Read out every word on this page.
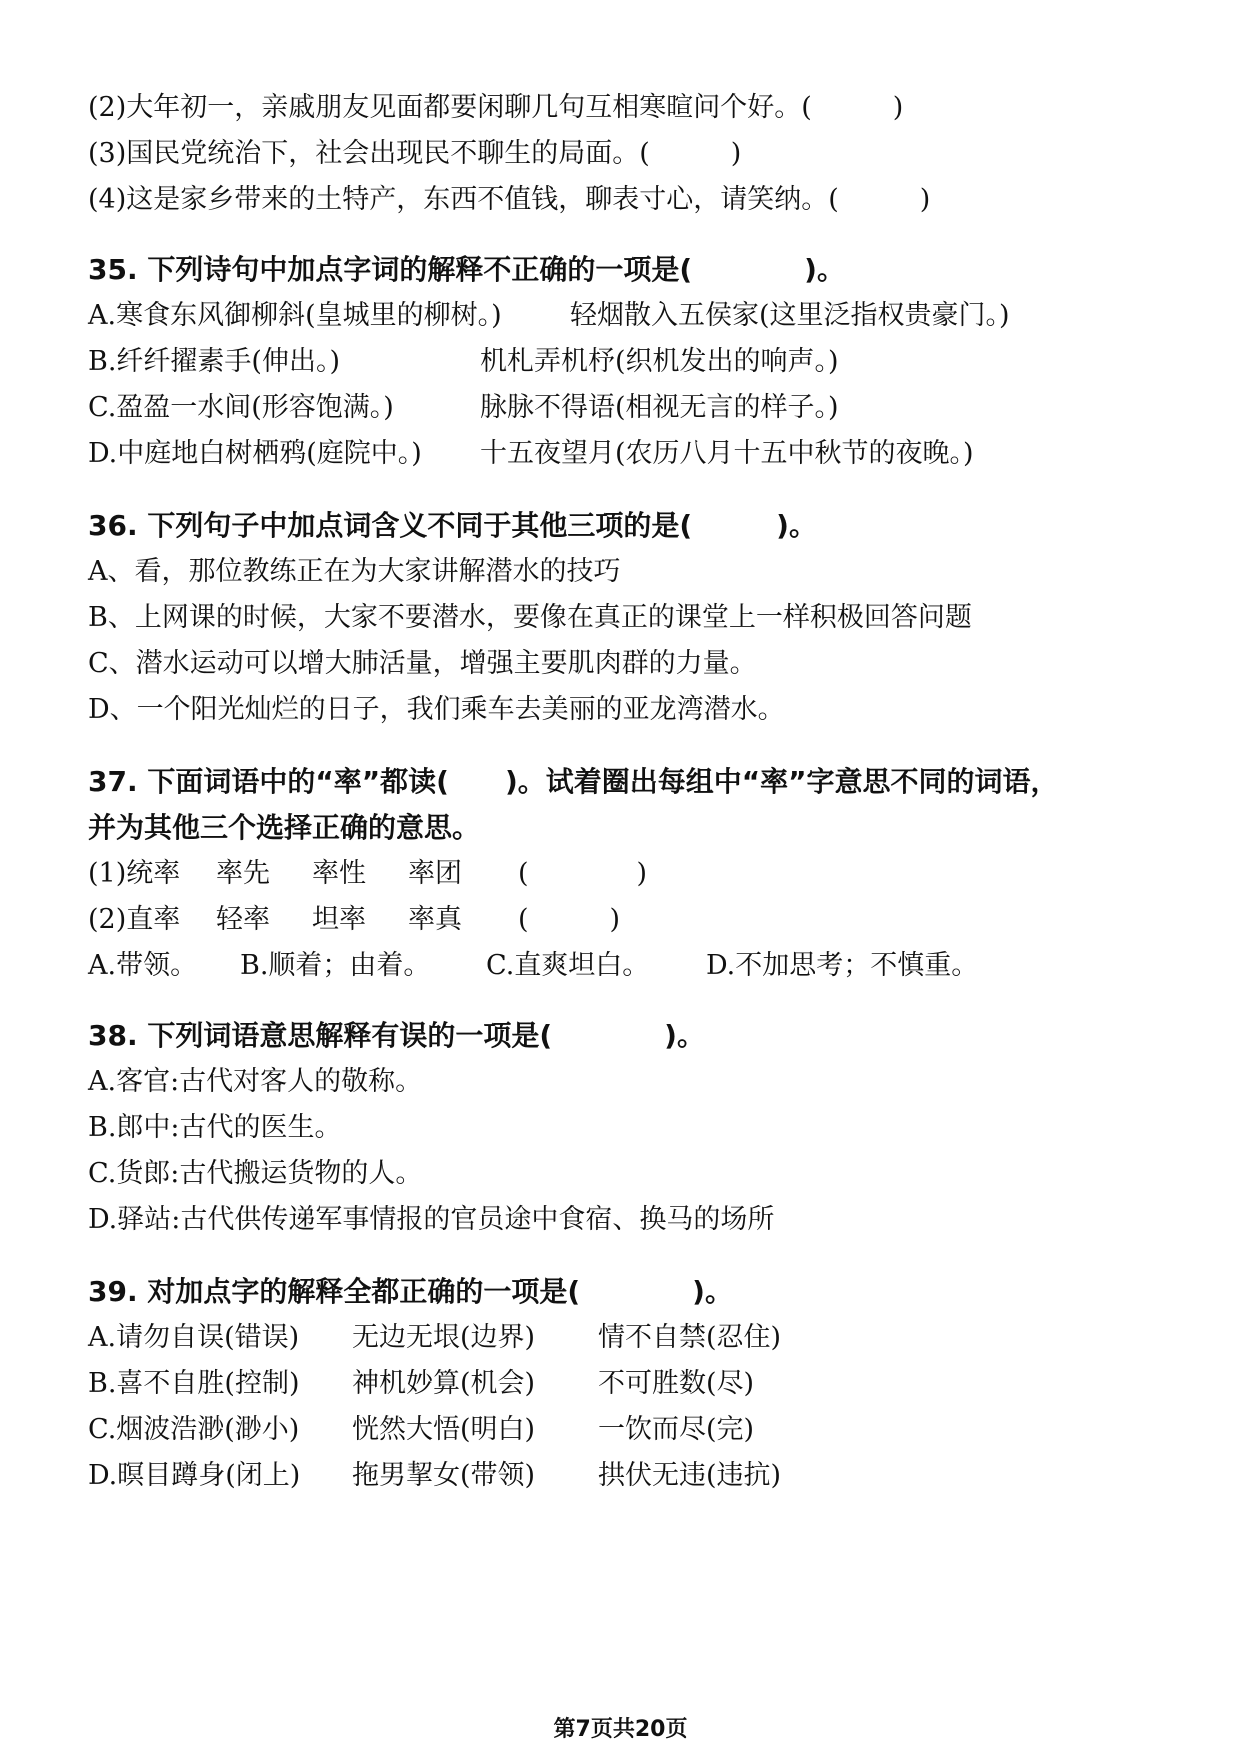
(2)大年初一，亲戚朋友见面都要闲聊几句互相寒暄问个好。(　　　)
(3)国民党统治下，社会出现民不聊生的局面。(　　　)
(4)这是家乡带来的土特产，东西不值钱，聊表寸心，请笑纳。(　　　)
35. 下列诗句中加点字词的解释不正确的一项是(　　　　)。
A.寒食东风御柳斜(皇城里的柳树。)	轻烟散入五侯家(这里泛指权贵豪门。)
B.纤纤擢素手(伸出。)	机札弄机杼(织机发出的响声。)
C.盈盈一水间(形容饱满。)	脉脉不得语(相视无言的样子。)
D.中庭地白树栖鸦(庭院中。) 十五夜望月(农历八月十五中秋节的夜晚。)
36. 下列句子中加点词含义不同于其他三项的是(　　　)。
A、看，那位教练正在为大家讲解潜水的技巧
B、上网课的时候，大家不要潜水，要像在真正的课堂上一样积极回答问题
C、潜水运动可以增大肺活量，增强主要肌肉群的力量。
D、一个阳光灿烂的日子，我们乘车去美丽的亚龙湾潜水。
37. 下面词语中的“率”都读(　　)。试着圈出每组中“率”字意思不同的词语，
并为其他三个选择正确的意思。
(1)统率 率先 率性 率团 (　　　　)
(2)直率 轻率 坦率 率真 (　　　)
A.带领。 B.顺着；由着。 C.直爽坦白。 D.不加思考；不慎重。
38. 下列词语意思解释有误的一项是(　　　　)。
A.客官:古代对客人的敬称。
B.郎中:古代的医生。
C.货郎:古代搬运货物的人。
D.驿站:古代供传递军事情报的官员途中食宿、换马的场所
39. 对加点字的解释全都正确的一项是(　　　　)。
A.请勿自误(错误) 无边无垠(边界) 情不自禁(忍住)
B.喜不自胜(控制) 神机妙算(机会) 不可胜数(尽)
C.烟波浩渺(渺小) 恍然大悟(明白) 一饮而尽(完)
D.暝目蹲身(闭上) 拖男挈女(带领) 拱伏无违(违抗)
第7页共20页
